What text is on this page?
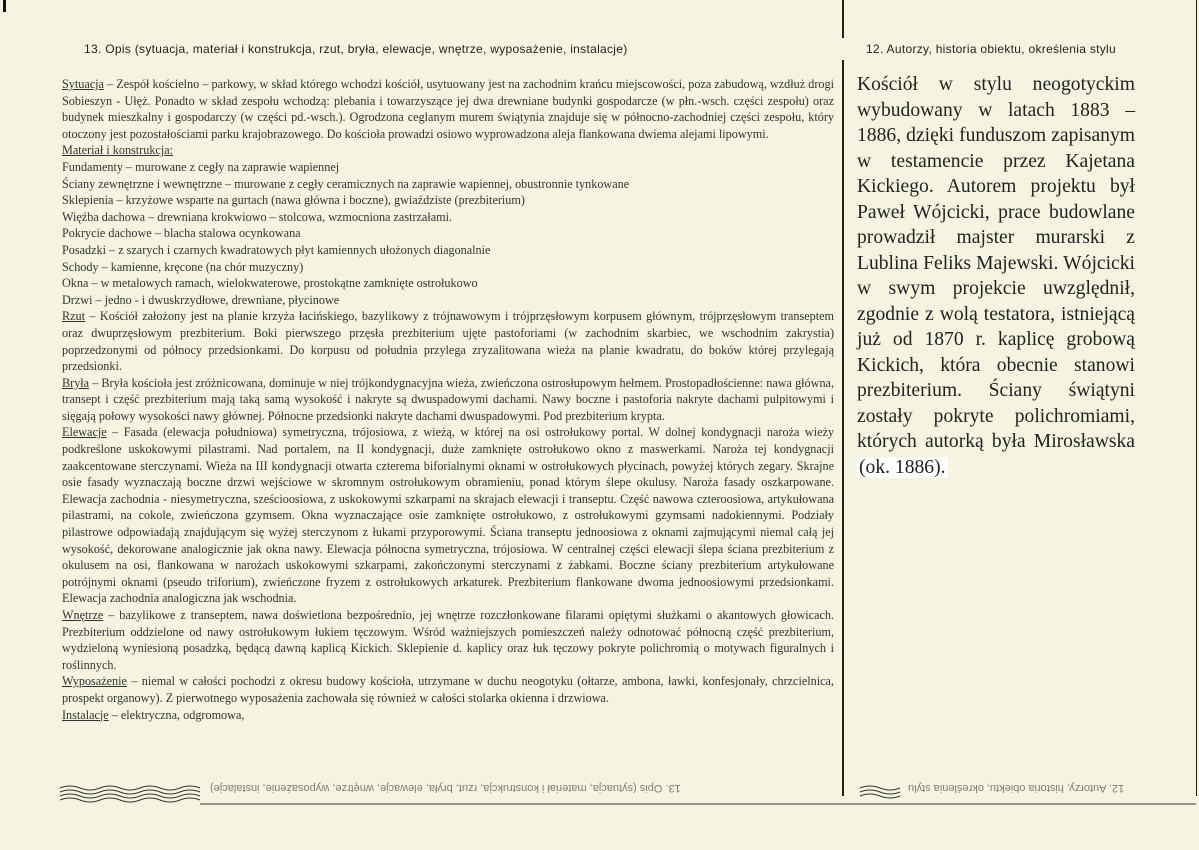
13. Opis (sytuacja, materiał i konstrukcja, rzut, bryła, elewacje, wnętrze, wyposażenie, instalacje)	12. Autorzy, historia obiektu, określenia stylu

Sytuacja – Zespół kościelno – parkowy, w skład którego wchodzi kościół, usytuowany jest na zachodnim krańcu miejscowości, poza zabudową, wzdłuż drogi Sobieszyn - Ułęż. Ponadto w skład zespołu wchodzą: plebania i towarzyszące jej dwa drewniane budynki gospodarcze (w płn.-wsch. części zespołu) oraz budynek mieszkalny i gospodarczy (w części pd.-wsch.). Ogrodzona ceglanym murem świątynia znajduje się w północno-zachodniej części zespołu, który otoczony jest pozostałościami parku krajobrazowego. Do kościoła prowadzi osiowo wyprowadzona aleja flankowana dwiema alejami lipowymi.

Materiał i konstrukcja:

Fundamenty – murowane z cegły na zaprawie wapiennej

Ściany zewnętrzne i wewnętrzne – murowane z cegły ceramicznych na zaprawie wapiennej, obustronnie tynkowane

Sklepienia – krzyżowe wsparte na gurtach (nawa główna i boczne), gwiaździste (prezbiterium)

Więźba dachowa – drewniana krokwiowo – stolcowa, wzmocniona zastrzałami.

Pokrycie dachowe – blacha stalowa ocynkowana

Posadzki – z szarych i czarnych kwadratowych płyt kamiennych ułożonych diagonalnie

Schody – kamienne, kręcone (na chór muzyczny)

Okna – w metalowych ramach, wielokwaterowe, prostokątne zamknięte ostrołukowo

Drzwi – jedno - i dwuskrzydłowe, drewniane, płycinowe

Rzut – Kościół założony jest na planie krzyża łacińskiego, bazylikowy z trójnawowym i trójprzęsłowym korpusem głównym, trójprzęsłowym transeptem oraz dwuprzęsłowym prezbiterium. Boki pierwszego przęsła prezbiterium ujęte pastoforiami (w zachodnim skarbiec, we wschodnim zakrystia) poprzedzonymi od północy przedsionkami. Do korpusu od południa przylega zryzalitowana wieża na planie kwadratu, do boków której przylegają przedsionki.

Bryła – Bryła kościoła jest zróżnicowana, dominuje w niej trójkondygnacyjna wieża, zwieńczona ostrosłupowym hełmem. Prostopadłościenne: nawa główna, transept i część prezbiterium mają taką samą wysokość i nakryte są dwuspadowymi dachami. Nawy boczne i pastoforia nakryte dachami pulpitowymi i sięgają połowy wysokości nawy głównej. Północne przedsionki nakryte dachami dwuspadowymi. Pod prezbiterium krypta.

Elewacje – Fasada (elewacja południowa) symetryczna, trójosiowa, z wieżą, w której na osi ostrołukowy portal. W dolnej kondygnacji naroża wieży podkreślone uskokowymi pilastrami. Nad portalem, na II kondygnacji, duże zamknięte ostrołukowo okno z maswerkami. Naroża tej kondygnacji zaakcentowane sterczynami. Wieża na III kondygnacji otwarta czterema biforialnymi oknami w ostrołukowych płycinach, powyżej których zegary. Skrajne osie fasady wyznaczają boczne drzwi wejściowe w skromnym ostrołukowym obramieniu, ponad którym ślepe okulusy. Naroża fasady oszkarpowane. Elewacja zachodnia - niesymetryczna, sześcioosiowa, z uskokowymi szkarpami na skrajach elewacji i transeptu. Część nawowa czteroosiowa, artykułowana pilastrami, na cokole, zwieńczona gzymsem. Okna wyznaczające osie zamknięte ostrołukowo, z ostrołukowymi gzymsami nadokiennymi. Podziały pilastrowe odpowiadają znajdującym się wyżej sterczynom z łukami przyporowymi. Ściana transeptu jednoosiowa z oknami zajmującymi niemal całą jej wysokość, dekorowane analogicznie jak okna nawy. Elewacja północna symetryczna, trójosiowa. W centralnej części elewacji ślepa ściana prezbiterium z okulusem na osi, flankowana w narożach uskokowymi szkarpami, zakończonymi sterczynami z żabkami. Boczne ściany prezbiterium artykułowane potrójnymi oknami (pseudo triforium), zwieńczone fryzem z ostrołukowych arkaturek. Prezbiterium flankowane dwoma jednoosiowymi przedsionkami. Elewacja zachodnia analogiczna jak wschodnia.

Wnętrze – bazylikowe z transeptem, nawa doświetlona bezpośrednio, jej wnętrze rozczłonkowane filarami opiętymi służkami o akantowych głowicach. Prezbiterium oddzielone od nawy ostrołukowym łukiem tęczowym. Wśród ważniejszych pomieszczeń należy odnotować północną część prezbiterium, wydzieloną wyniesioną posadzką, będącą dawną kaplicą Kickich. Sklepienie d. kaplicy oraz łuk tęczowy pokryte polichromią o motywach figuralnych i roślinnych.

Wyposażenie – niemal w całości pochodzi z okresu budowy kościoła, utrzymane w duchu neogotyku (ołtarze, ambona, ławki, konfesjonały, chrzcielnica, prospekt organowy). Z pierwotnego wyposażenia zachowała się również w całości stolarka okienna i drzwiowa.

Instalacje – elektryczna, odgromowa,

Kościół w stylu neogotyckim wybudowany w latach 1883 – 1886, dzięki funduszom zapisanym w testamencie przez Kajetana Kickiego. Autorem projektu był Paweł Wójcicki, prace budowlane prowadził majster murarski z Lublina Feliks Majewski. Wójcicki w swym projekcie uwzględnił, zgodnie z wolą testatora, istniejącą już od 1870 r. kaplicę grobową Kickich, która obecnie stanowi prezbiterium. Ściany świątyni zostały pokryte polichromiami, których autorką była Mirosławska (ok. 1886).
13. Opis (sytuacja, materiał i konstrukcja, rzut, bryła, elewacje, wnętrze, wyposażenie, instalacje)	12. Autorzy, historia obiektu, określenia stylu
